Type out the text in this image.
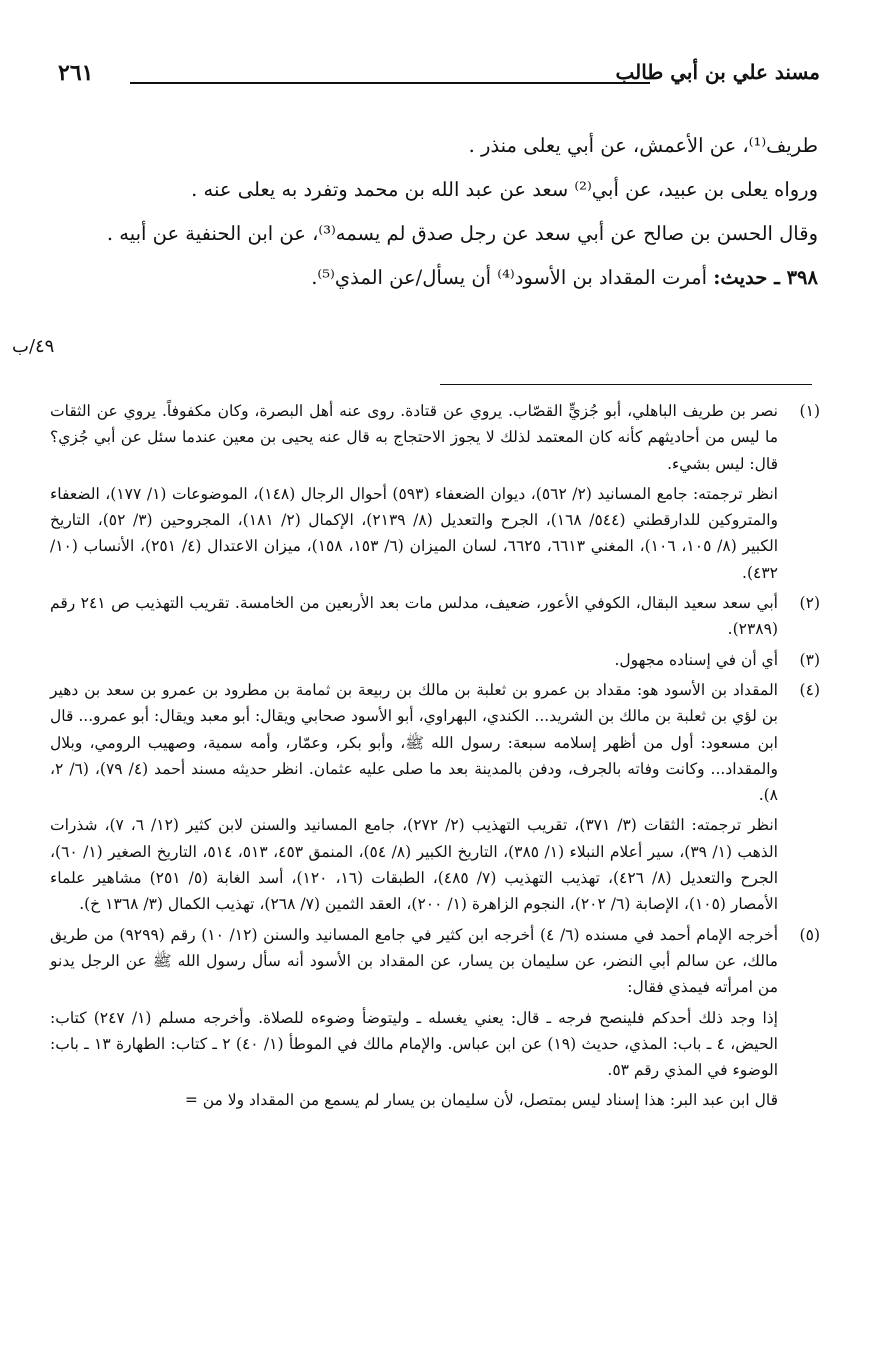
مسند علي بن أبي طالب
٢٦١

طريف⁽¹⁾، عن الأعمش، عن أبي يعلى منذر .

ورواه يعلى بن عبيد، عن أبي⁽²⁾ سعد عن عبد الله بن محمد وتفرد به يعلى عنه .

وقال الحسن بن صالح عن أبي سعد عن رجل صدق لم يسمه⁽³⁾، عن ابن الحنفية عن أبيه .

٣٩٨ ـ حديث: أمرت المقداد بن الأسود⁽⁴⁾ أن يسأل/عن المذي⁽⁵⁾.

٤٩/ب
(١)

نصر بن طريف الباهلي، أبو جُزيٍّ القصّاب. يروي عن قتادة. روى عنه أهل البصرة، وكان مكفوفاً. يروي عن الثقات ما ليس من أحاديثهم كأنه كان المعتمد لذلك لا يجوز الاحتجاج به قال عنه يحيى بن معين عندما سئل عن أبي جُزي؟ قال: ليس بشيء.

انظر ترجمته: جامع المسانيد (٢/ ٥٦٢)، ديوان الضعفاء (٥٩٣) أحوال الرجال (١٤٨)، الموضوعات (١/ ١٧٧)، الضعفاء والمتروكين للدارقطني (٥٤٤/ ١٦٨)، الجرح والتعديل (٨/ ٢١٣٩)، الإكمال (٢/ ١٨١)، المجروحين (٣/ ٥٢)، التاريخ الكبير (٨/ ١٠٥، ١٠٦)، المغني ٦٦١٣، ٦٦٢٥، لسان الميزان (٦/ ١٥٣، ١٥٨)، ميزان الاعتدال (٤/ ٢٥١)، الأنساب (١٠/ ٤٣٢).

(٢)

أبي سعد سعيد البقال، الكوفي الأعور، ضعيف، مدلس مات بعد الأربعين من الخامسة. تقريب التهذيب ص ٢٤١ رقم (٢٣٨٩).

(٣)

أي أن في إسناده مجهول.

(٤)

المقداد بن الأسود هو: مقداد بن عمرو بن ثعلبة بن مالك بن ربيعة بن ثمامة بن مطرود بن عمرو بن سعد بن دهير بن لؤي بن ثعلبة بن مالك بن الشريد... الكندي، البهراوي، أبو الأسود صحابي ويقال: أبو معبد ويقال: أبو عمرو... قال ابن مسعود: أول من أظهر إسلامه سبعة: رسول الله ﷺ، وأبو بكر، وعمّار، وأمه سمية، وصهيب الرومي، وبلال والمقداد... وكانت وفاته بالجرف، ودفن بالمدينة بعد ما صلى عليه عثمان. انظر حديثه مسند أحمد (٤/ ٧٩)، (٦/ ٢، ٨).

انظر ترجمته: الثقات (٣/ ٣٧١)، تقريب التهذيب (٢/ ٢٧٢)، جامع المسانيد والسنن لابن كثير (١٢/ ٦، ٧)، شذرات الذهب (١/ ٣٩)، سير أعلام النبلاء (١/ ٣٨٥)، التاريخ الكبير (٨/ ٥٤)، المنمق ٤٥٣، ٥١٣، ٥١٤، التاريخ الصغير (١/ ٦٠)، الجرح والتعديل (٨/ ٤٢٦)، تهذيب التهذيب (٧/ ٤٨٥)، الطبقات (١٦، ١٢٠)، أسد الغابة (٥/ ٢٥١) مشاهير علماء الأمصار (١٠٥)، الإصابة (٦/ ٢٠٢)، النجوم الزاهرة (١/ ٢٠٠)، العقد الثمين (٧/ ٢٦٨)، تهذيب الكمال (٣/ ١٣٦٨ خ).

(٥)

أخرجه الإمام أحمد في مسنده (٦/ ٤) أخرجه ابن كثير في جامع المسانيد والسنن (١٢/ ١٠) رقم (٩٢٩٩) من طريق مالك، عن سالم أبي النضر، عن سليمان بن يسار، عن المقداد بن الأسود أنه سأل رسول الله ﷺ عن الرجل يدنو من امرأته فيمذي فقال:

إذا وجد ذلك أحدكم فلينصح فرجه ـ قال: يعني يغسله ـ وليتوضأ وضوءه للصلاة. وأخرجه مسلم (١/ ٢٤٧) كتاب: الحيض، ٤ ـ باب: المذي، حديث (١٩) عن ابن عباس. والإمام مالك في الموطأ (١/ ٤٠) ٢ ـ كتاب: الطهارة ١٣ ـ باب: الوضوء في المذي رقم ٥٣.

قال ابن عبد البر: هذا إسناد ليس بمتصل، لأن سليمان بن يسار لم يسمع من المقداد ولا من =
